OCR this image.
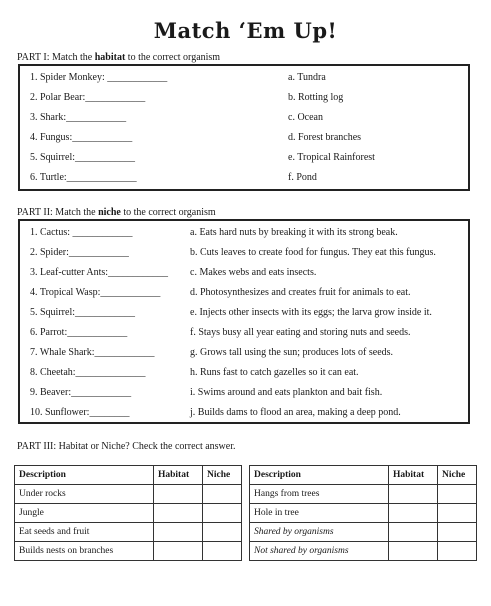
Match ‘Em Up!
PART I: Match the habitat to the correct organism
1. Spider Monkey: ____________	a. Tundra
2. Polar Bear:____________	b. Rotting log
3. Shark:____________	c. Ocean
4. Fungus:____________	d. Forest branches
5. Squirrel:____________	e. Tropical Rainforest
6. Turtle:______________	f. Pond
PART II: Match the niche to the correct organism
1. Cactus: ____________	a. Eats hard nuts by breaking it with its strong beak.
2. Spider:____________	b. Cuts leaves to create food for fungus. They eat this fungus.
3. Leaf-cutter Ants:____________ c. Makes webs and eats insects.
4. Tropical Wasp:____________	d. Photosynthesizes and creates fruit for animals to eat.
5. Squirrel:____________	e. Injects other insects with its eggs; the larva grow inside it.
6. Parrot:____________	f. Stays busy all year eating and storing nuts and seeds.
7. Whale Shark:____________	g. Grows tall using the sun; produces lots of seeds.
8. Cheetah:______________	h. Runs fast to catch gazelles so it can eat.
9. Beaver:____________	i. Swims around and eats plankton and bait fish.
10. Sunflower:________	j. Builds dams to flood an area, making a deep pond.
PART III: Habitat or Niche? Check the correct answer.
Description	Habitat	Niche
Under rocks		
Jungle		
Eat seeds and fruit		
Builds nests on branches		
Description	Habitat	Niche
Hangs from trees		
Hole in tree		
Shared by organisms		
Not shared by organisms		
